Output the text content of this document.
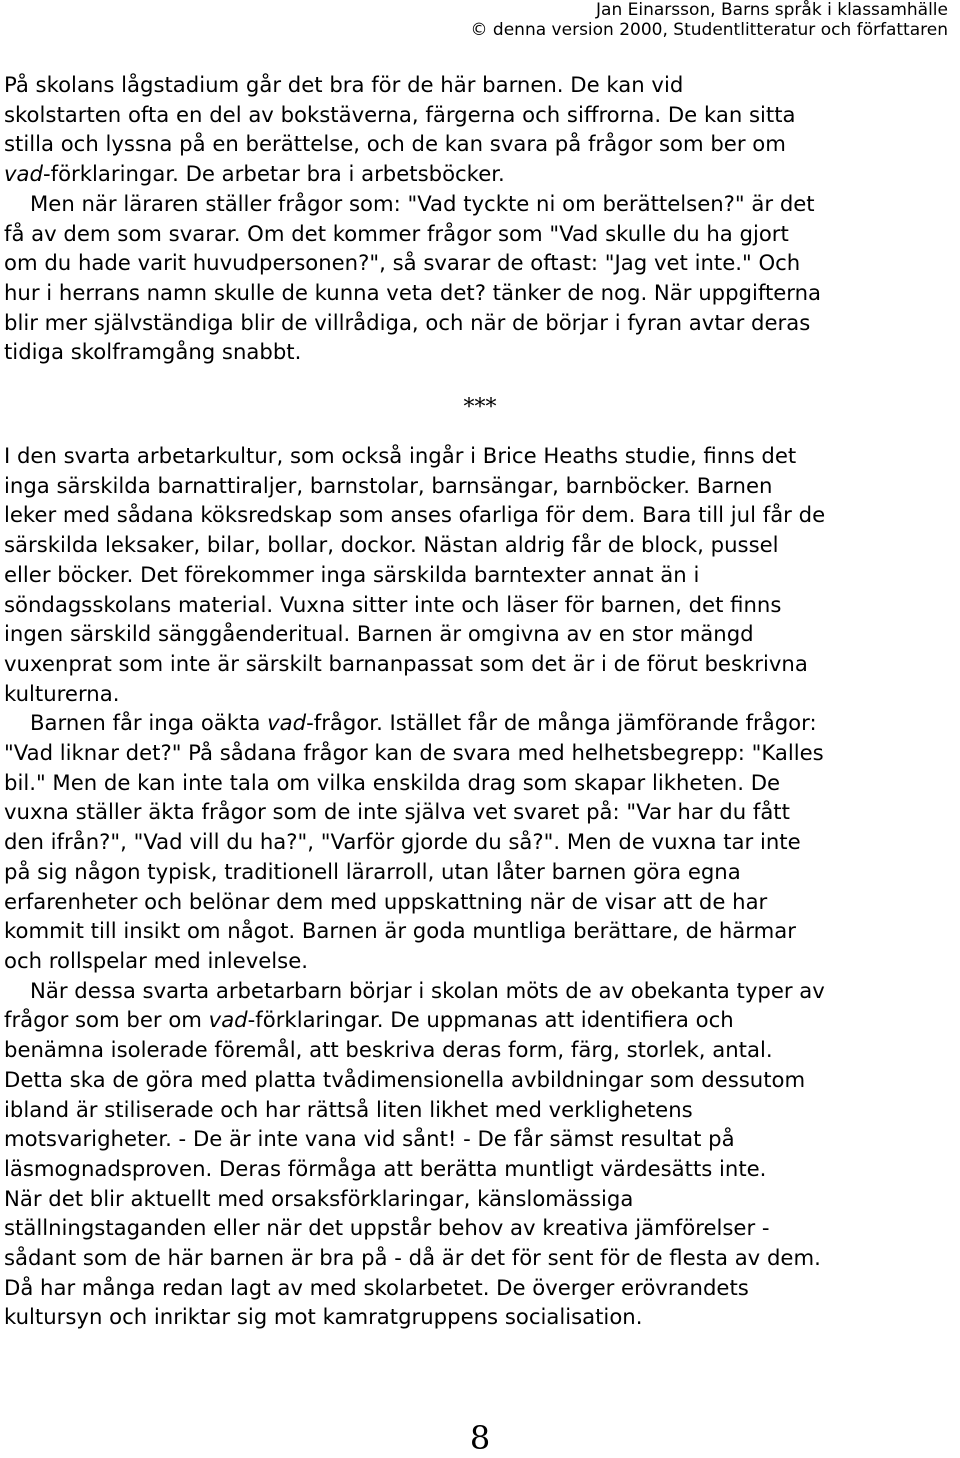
Jan Einarsson, Barns språk i klassamhälle
© denna version 2000, Studentlitteratur och författaren
På skolans lågstadium går det bra för de här barnen. De kan vid
skolstarten ofta en del av bokstäverna, färgerna och siffrorna. De kan sitta
stilla och lyssna på en berättelse, och de kan svara på frågor som ber om
vad-förklaringar. De arbetar bra i arbetsböcker.
Men när läraren ställer frågor som: "Vad tyckte ni om berättelsen?" är det
få av dem som svarar. Om det kommer frågor som "Vad skulle du ha gjort
om du hade varit huvudpersonen?", så svarar de oftast: "Jag vet inte." Och
hur i herrans namn skulle de kunna veta det? tänker de nog. När uppgifterna
blir mer självständiga blir de villrådiga, och när de börjar i fyran avtar deras
tidiga skolframgång snabbt.
***
I den svarta arbetarkultur, som också ingår i Brice Heaths studie, finns det
inga särskilda barnattiraljer, barnstolar, barnsängar, barnböcker. Barnen
leker med sådana köksredskap som anses ofarliga för dem. Bara till jul får de
särskilda leksaker, bilar, bollar, dockor. Nästan aldrig får de block, pussel
eller böcker. Det förekommer inga särskilda barntexter annat än i
söndagsskolans material. Vuxna sitter inte och läser för barnen, det finns
ingen särskild sänggåenderitual. Barnen är omgivna av en stor mängd
vuxenprat som inte är särskilt barnanpassat som det är i de förut beskrivna
kulturerna.
Barnen får inga oäkta vad-frågor. Istället får de många jämförande frågor:
"Vad liknar det?" På sådana frågor kan de svara med helhetsbegrepp: "Kalles
bil." Men de kan inte tala om vilka enskilda drag som skapar likheten. De
vuxna ställer äkta frågor som de inte själva vet svaret på: "Var har du fått
den ifrån?", "Vad vill du ha?", "Varför gjorde du så?". Men de vuxna tar inte
på sig någon typisk, traditionell lärarroll, utan låter barnen göra egna
erfarenheter och belönar dem med uppskattning när de visar att de har
kommit till insikt om något. Barnen är goda muntliga berättare, de härmar
och rollspelar med inlevelse.
När dessa svarta arbetarbarn börjar i skolan möts de av obekanta typer av
frågor som ber om vad-förklaringar. De uppmanas att identifiera och
benämna isolerade föremål, att beskriva deras form, färg, storlek, antal.
Detta ska de göra med platta tvådimensionella avbildningar som dessutom
ibland är stiliserade och har rättså liten likhet med verklighetens
motsvarigheter. - De är inte vana vid sånt! - De får sämst resultat på
läsmognadsproven. Deras förmåga att berätta muntligt värdesätts inte.
När det blir aktuellt med orsaksförklaringar, känslomässiga
ställningstaganden eller när det uppstår behov av kreativa jämförelser -
sådant som de här barnen är bra på - då är det för sent för de flesta av dem.
Då har många redan lagt av med skolarbetet. De överger erövrandets
kultursyn och inriktar sig mot kamratgruppens socialisation.
8
